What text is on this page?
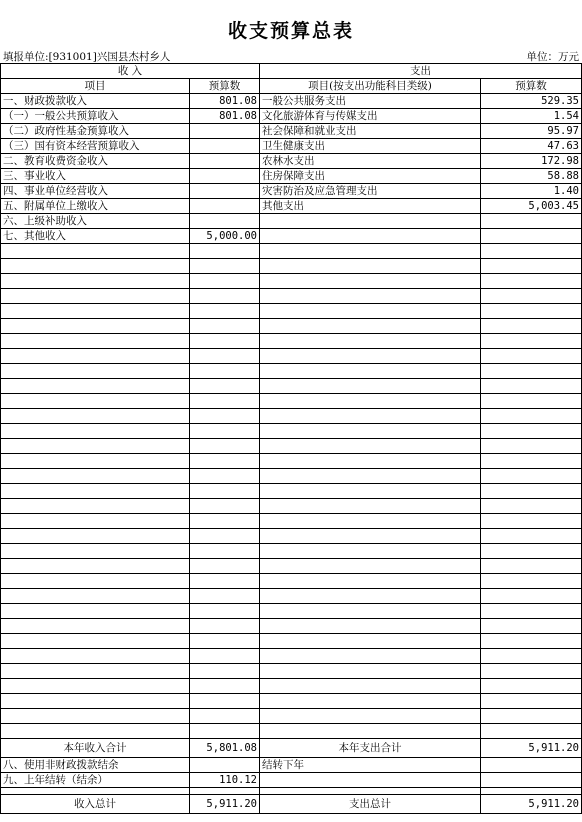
收支预算总表
填报单位:[931001]兴国县杰村乡人	单位：万元
收 入		支出	
项目	预算数	项目(按支出功能科目类级)	预算数
一、财政拨款收入	801.08	一般公共服务支出	529.35
（一）一般公共预算收入	801.08	文化旅游体育与传媒支出	1.54
（二）政府性基金预算收入		社会保障和就业支出	95.97
（三）国有资本经营预算收入		卫生健康支出	47.63
二、教育收费资金收入		农林水支出	172.98
三、事业收入		住房保障支出	58.88
四、事业单位经营收入		灾害防治及应急管理支出	1.40
五、附属单位上缴收入		其他支出	5,003.45
六、上级补助收入			
七、其他收入	5,000.00		

本年收入合计	5,801.08	本年支出合计	5,911.20
八、使用非财政拨款结余		结转下年	
九、上年结转（结余）	110.12		

收入总计	5,911.20	支出总计	5,911.20
